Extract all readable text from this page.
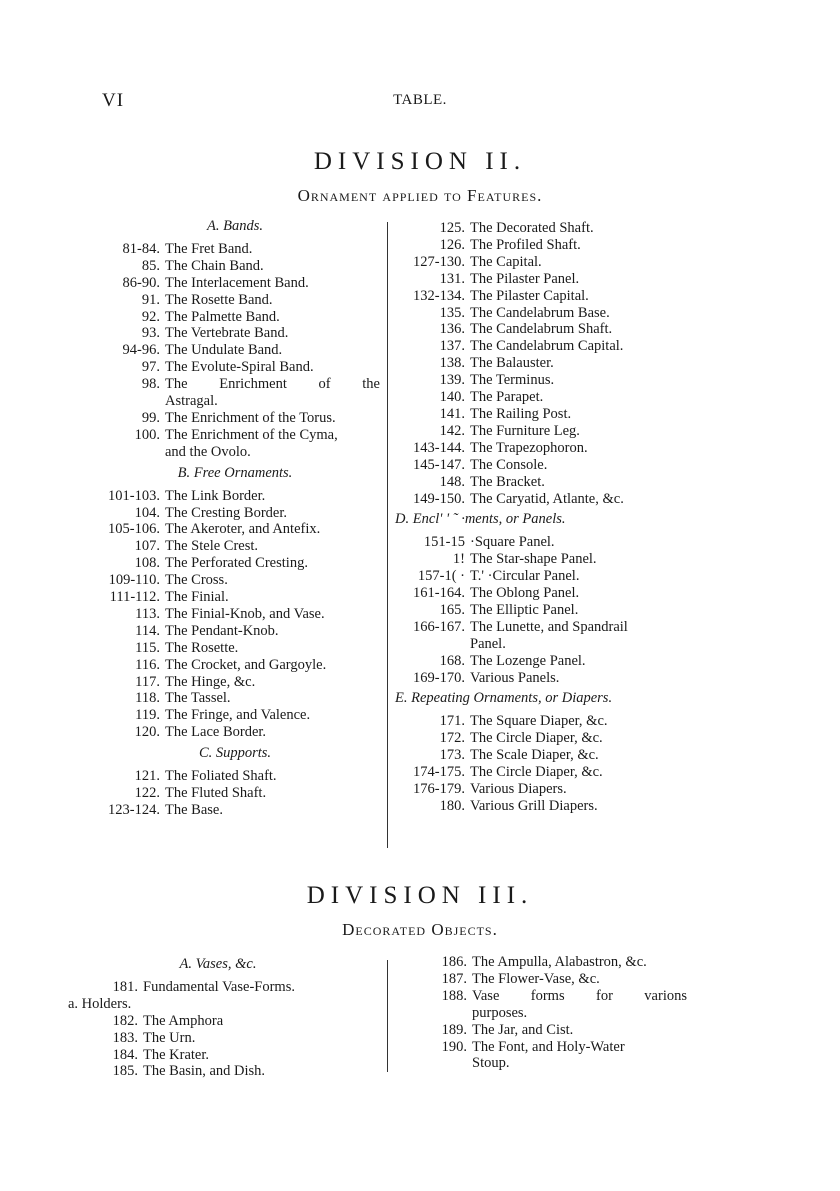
VI	TABLE.
DIVISION II.
Ornament applied to Features.
A. Bands.
81-84. The Fret Band.
85. The Chain Band.
86-90. The Interlacement Band.
91. The Rosette Band.
92. The Palmette Band.
93. The Vertebrate Band.
94-96. The Undulate Band.
97. The Evolute-Spiral Band.
98. The Enrichment of the
Astragal.
99. The Enrichment of the Torus.
100. The Enrichment of the Cyma,
and the Ovolo.
B. Free Ornaments.
101-103. The Link Border.
104. The Cresting Border.
105-106. The Akeroter, and Antefix.
107. The Stele Crest.
108. The Perforated Cresting.
109-110. The Cross.
111-112. The Finial.
113. The Finial-Knob, and Vase.
114. The Pendant-Knob.
115. The Rosette.
116. The Crocket, and Gargoyle.
117. The Hinge, &c.
118. The Tassel.
119. The Fringe, and Valence.
120. The Lace Border.
C. Supports.
121. The Foliated Shaft.
122. The Fluted Shaft.
123-124. The Base.
125. The Decorated Shaft.
126. The Profiled Shaft.
127-130. The Capital.
131. The Pilaster Panel.
132-134. The Pilaster Capital.
135. The Candelabrum Base.
136. The Candelabrum Shaft.
137. The Candelabrum Capital.
138. The Balauster.
139. The Terminus.
140. The Parapet.
141. The Railing Post.
142. The Furniture Leg.
143-144. The Trapezophoron.
145-147. The Console.
148. The Bracket.
149-150. The Caryatid, Atlante, &c.
D. Encl' ' ˜ ·ments, or Panels.
151-15 ·Square Panel.
1! The Star-shape Panel.
157-1( · T.' ·Circular Panel.
161-164. The Oblong Panel.
165. The Elliptic Panel.
166-167. The Lunette, and Spandrail
Panel.
168. The Lozenge Panel.
169-170. Various Panels.
E. Repeating Ornaments, or Diapers.
171. The Square Diaper, &c.
172. The Circle Diaper, &c.
173. The Scale Diaper, &c.
174-175. The Circle Diaper, &c.
176-179. Various Diapers.
180. Various Grill Diapers.
DIVISION III.
Decorated Objects.
A. Vases, &c.
181. Fundamental Vase-Forms.
a. Holders.
182. The Amphora
183. The Urn.
184. The Krater.
185. The Basin, and Dish.
186. The Ampulla, Alabastron, &c.
187. The Flower-Vase, &c.
188. Vase forms for varions
purposes.
189. The Jar, and Cist.
190. The Font, and Holy-Water
Stoup.
